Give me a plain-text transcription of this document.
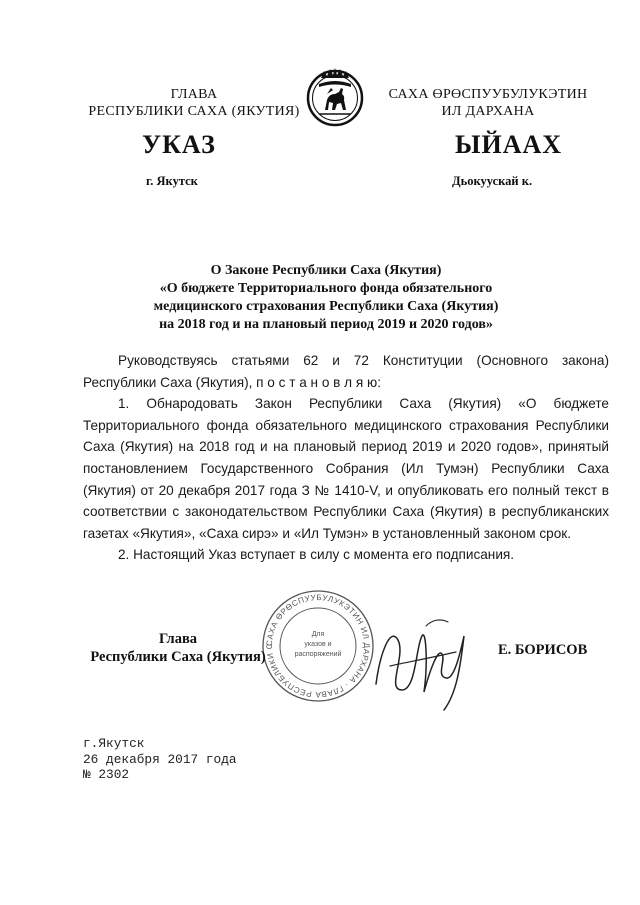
ГЛАВА
РЕСПУБЛИКИ САХА (ЯКУТИЯ)
САХА ӨРӨСПУУБУЛУКЭТИН
ИЛ ДАРХАНА
УКАЗ	ЫЙААХ
г. Якутск	Дьокуускай к.
О Законе Республики Саха (Якутия)
«О бюджете Территориального фонда обязательного
медицинского страхования Республики Саха (Якутия)
на 2018 год и на плановый период 2019 и 2020 годов»
Руководствуясь статьями 62 и 72 Конституции (Основного закона) Республики Саха (Якутия), п о с т а н о в л я ю:
1. Обнародовать Закон Республики Саха (Якутия) «О бюджете Территориального фонда обязательного медицинского страхования Республики Саха (Якутия) на 2018 год и на плановый период 2019 и 2020 годов», принятый постановлением Государственного Собрания (Ил Тумэн) Республики Саха (Якутия) от 20 декабря 2017 года З № 1410-V, и опубликовать его полный текст в соответствии с законодательством Республики Саха (Якутия) в республиканских газетах «Якутия», «Саха сирэ» и «Ил Тумэн» в установленный законом срок.
2. Настоящий Указ вступает в силу с момента его подписания.
САХА ӨРӨСПУУБУЛУКЭТИН ИЛ ДАРХАНА · ГЛАВА РЕСПУБЛИКИ С
Для
указов и
распоряжений
Глава
Республики Саха (Якутия)	Е. БОРИСОВ
г.Якутск
26 декабря 2017 года
№ 2302
